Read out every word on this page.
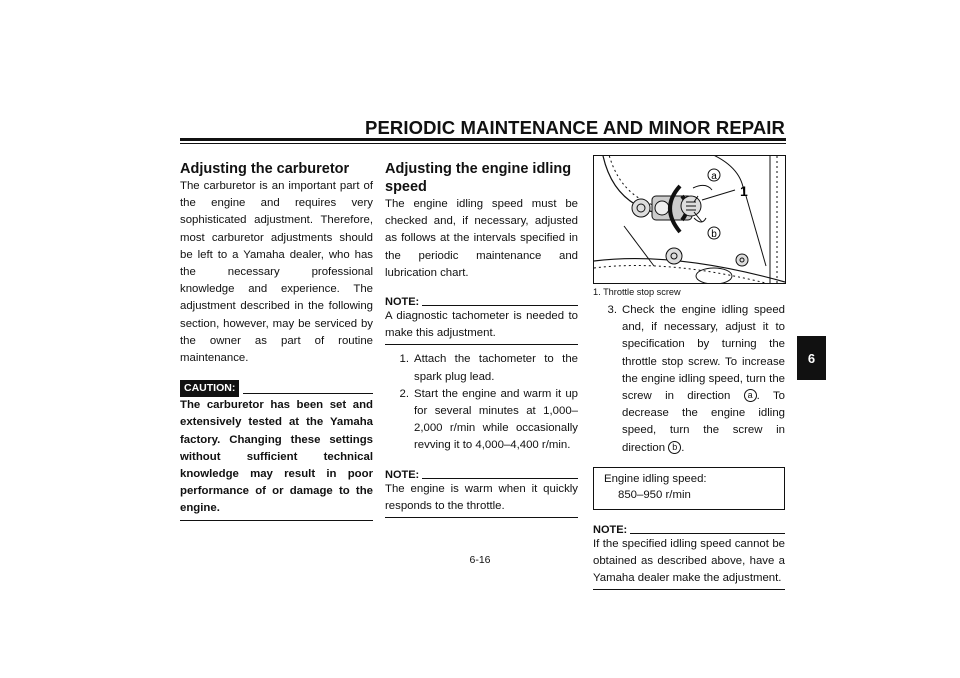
PERIODIC MAINTENANCE AND MINOR REPAIR
6
Adjusting the carburetor

The carburetor is an important part of the engine and requires very sophisticated adjustment. Therefore, most carburetor adjustments should be left to a Yamaha dealer, who has the necessary professional knowledge and experience. The adjustment described in the following section, however, may be serviced by the owner as part of routine maintenance.

CAUTION:

The carburetor has been set and extensively tested at the Yamaha factory. Changing these settings without sufficient technical knowledge may result in poor performance of or damage to the engine.

Adjusting the engine idling speed

The engine idling speed must be checked and, if necessary, adjusted as follows at the intervals specified in the periodic maintenance and lubrication chart.

NOTE:

A diagnostic tachometer is needed to make this adjustment.

1. Attach the tachometer to the spark plug lead.
2. Start the engine and warm it up for several minutes at 1,000–2,000 r/min while occasionally revving it to 4,000–4,400 r/min.
NOTE:

The engine is warm when it quickly responds to the throttle.

a
b
1
1. Throttle stop screw
3. Check the engine idling speed and, if necessary, adjust it to specification by turning the throttle stop screw. To increase the engine idling speed, turn the screw in direction a . To decrease the engine idling speed, turn the screw in direction b .
Engine idling speed:
850–950 r/min
NOTE:

If the specified idling speed cannot be obtained as described above, have a Yamaha dealer make the adjustment.

6-16
